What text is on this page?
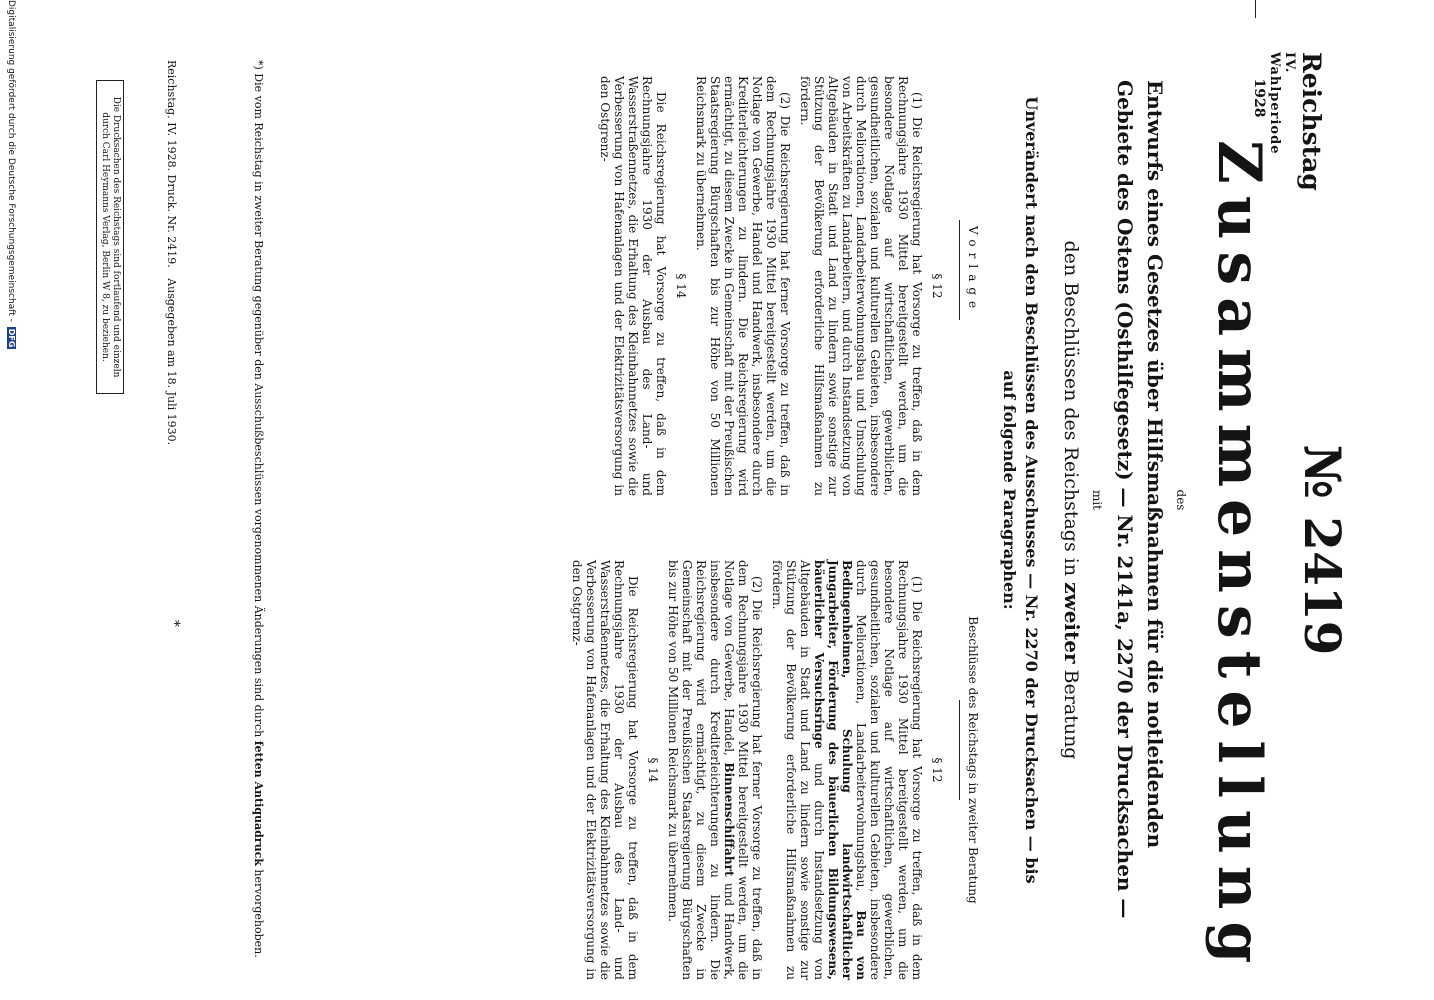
Reichstag
IV. Wahlperiode
1928
№ 2419
Zusammenstellung
des
Entwurfs eines Gesetzes über Hilfsmaßnahmen für die notleidenden Gebiete des Ostens (Osthilfegesetz) — Nr. 2141a, 2270 der Drucksachen —
mit
den Beschlüssen des Reichstags in zweiter Beratung
Unverändert nach den Beschlüssen des Ausschusses — Nr. 2270 der Drucksachen — bis auf folgende Paragraphen:
Vorlage
Beschlüsse des Reichstags in zweiter Beratung
§ 12

(1) Die Reichsregierung hat Vorsorge zu treffen, daß in dem Rechnungsjahre 1930 Mittel bereitgestellt werden, um die besondere Notlage auf wirtschaftlichen, gewerblichen, gesundheitlichen, sozialen und kulturellen Gebieten, insbesondere durch Meliorationen, Landarbeiterwohnungsbau und Umschulung von Arbeitskräften zu Landarbeitern, und durch Instandsetzung von Altgebäuden in Stadt und Land zu lindern sowie sonstige zur Stützung der Bevölkerung erforderliche Hilfsmaßnahmen zu fördern.

(2) Die Reichsregierung hat ferner Vorsorge zu treffen, daß in dem Rechnungsjahre 1930 Mittel bereitgestellt werden, um die Notlage von Gewerbe, Handel und Handwerk, insbesondere durch Krediterleichterungen zu lindern. Die Reichsregierung wird ermächtigt, zu diesem Zwecke in Gemeinschaft mit der Preußischen Staatsregierung Bürgschaften bis zur Höhe von 50 Millionen Reichsmark zu übernehmen.

§ 14

Die Reichsregierung hat Vorsorge zu treffen, daß in dem Rechnungsjahre 1930 der Ausbau des Land- und Wasserstraßennetzes, die Erhaltung des Kleinbahnnetzes sowie die Verbesserung von Hafenanlagen und der Elektrizitätsversorgung in den Ostgrenz-

§ 12

(1) Die Reichsregierung hat Vorsorge zu treffen, daß in dem Rechnungsjahre 1930 Mittel bereitgestellt werden, um die besondere Notlage auf wirtschaftlichen, gewerblichen, gesundheitlichen, sozialen und kulturellen Gebieten, insbesondere durch Meliorationen, Landarbeiterwohnungsbau, Bau von Bedingenheimen, Schulung landwirtschaftlicher Jungarbeiter, Förderung des bäuerlichen Bildungswesens, bäuerlicher Versuchsringe und durch Instandsetzung von Altgebäuden in Stadt und Land zu lindern sowie sonstige zur Stützung der Bevölkerung erforderliche Hilfsmaßnahmen zu fördern.

(2) Die Reichsregierung hat ferner Vorsorge zu treffen, daß in dem Rechnungsjahre 1930 Mittel bereitgestellt werden, um die Notlage von Gewerbe, Handel, Binnenschiffahrt und Handwerk, insbesondere durch Krediterleichterungen zu lindern. Die Reichsregierung wird ermächtigt, zu diesem Zwecke in Gemeinschaft mit der Preußischen Staatsregierung Bürgschaften bis zur Höhe von 50 Millionen Reichsmark zu übernehmen.

§ 14

Die Reichsregierung hat Vorsorge zu treffen, daß in dem Rechnungsjahre 1930 der Ausbau des Land- und Wasserstraßennetzes, die Erhaltung des Kleinbahnnetzes sowie die Verbesserung von Hafenanlagen und der Elektrizitätsversorgung in den Ostgrenz-

*) Die vom Reichstag in zweiter Beratung gegenüber den Ausschußbeschlüssen vorgenommenen Änderungen sind durch fetten Antiquadruck hervorgehoben.
Reichstag. IV. 1928. Druck. Nr. 2419.   Ausgegeben am 18. Juli 1930.
*
Die Drucksachen des Reichstags sind fortlaufend und einzeln durch Carl Heymanns Verlag, Berlin W 8, zu beziehen.
Digitalisierung gefördert durch die Deutsche Forschungsgemeinschaft - DFG
